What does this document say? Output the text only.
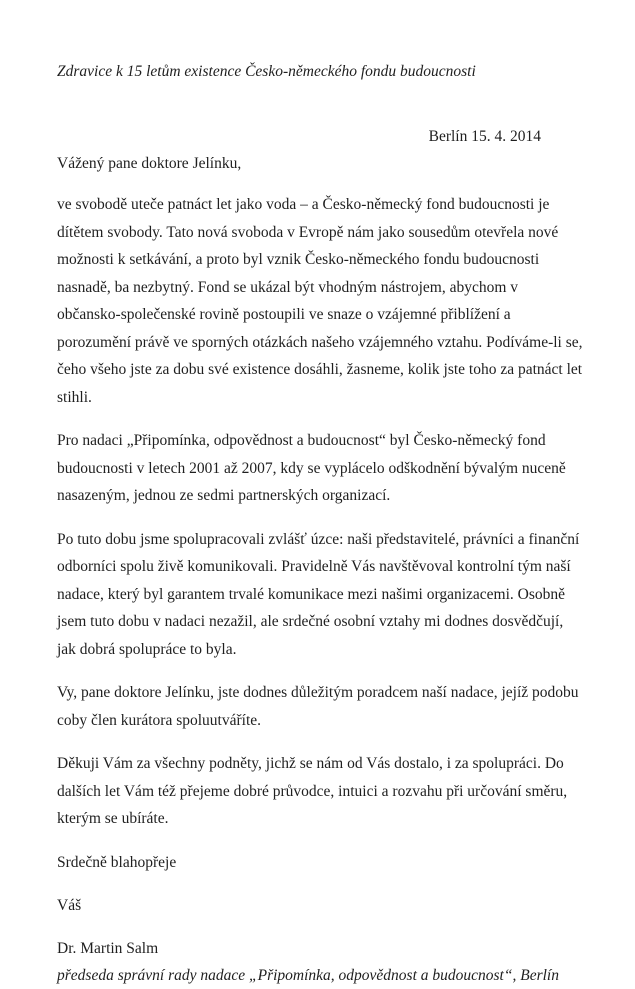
Zdravice k 15 letům existence Česko-německého fondu budoucnosti

Berlín 15. 4. 2014

Vážený pane doktore Jelínku,

ve svobodě uteče patnáct let jako voda – a Česko-německý fond budoucnosti je dítětem svobody. Tato nová svoboda v Evropě nám jako sousedům otevřela nové možnosti k setkávání, a proto byl vznik Česko-německého fondu budoucnosti nasnadě, ba nezbytný. Fond se ukázal být vhodným nástrojem, abychom v občansko-společenské rovině postoupili ve snaze o vzájemné přiblížení a porozumění právě ve sporných otázkách našeho vzájemného vztahu. Podíváme-li se, čeho všeho jste za dobu své existence dosáhli, žasneme, kolik jste toho za patnáct let stihli.

Pro nadaci „Připomínka, odpovědnost a budoucnost“ byl Česko-německý fond budoucnosti v letech 2001 až 2007, kdy se vyplácelo odškodnění bývalým nuceně nasazeným, jednou ze sedmi partnerských organizací.

Po tuto dobu jsme spolupracovali zvlášť úzce: naši představitelé, právníci a finanční odborníci spolu živě komunikovali. Pravidelně Vás navštěvoval kontrolní tým naší nadace, který byl garantem trvalé komunikace mezi našimi organizacemi. Osobně jsem tuto dobu v nadaci nezažil, ale srdečné osobní vztahy mi dodnes dosvědčují, jak dobrá spolupráce to byla.

Vy, pane doktore Jelínku, jste dodnes důležitým poradcem naší nadace, jejíž podobu coby člen kurátora spoluutváříte.

Děkuji Vám za všechny podněty, jichž se nám od Vás dostalo, i za spolupráci. Do dalších let Vám též přejeme dobré průvodce, intuici a rozvahu při určování směru, kterým se ubíráte.

Srdečně blahopřeje

Váš

Dr. Martin Salm

předseda správní rady nadace „Připomínka, odpovědnost a budoucnost“, Berlín
